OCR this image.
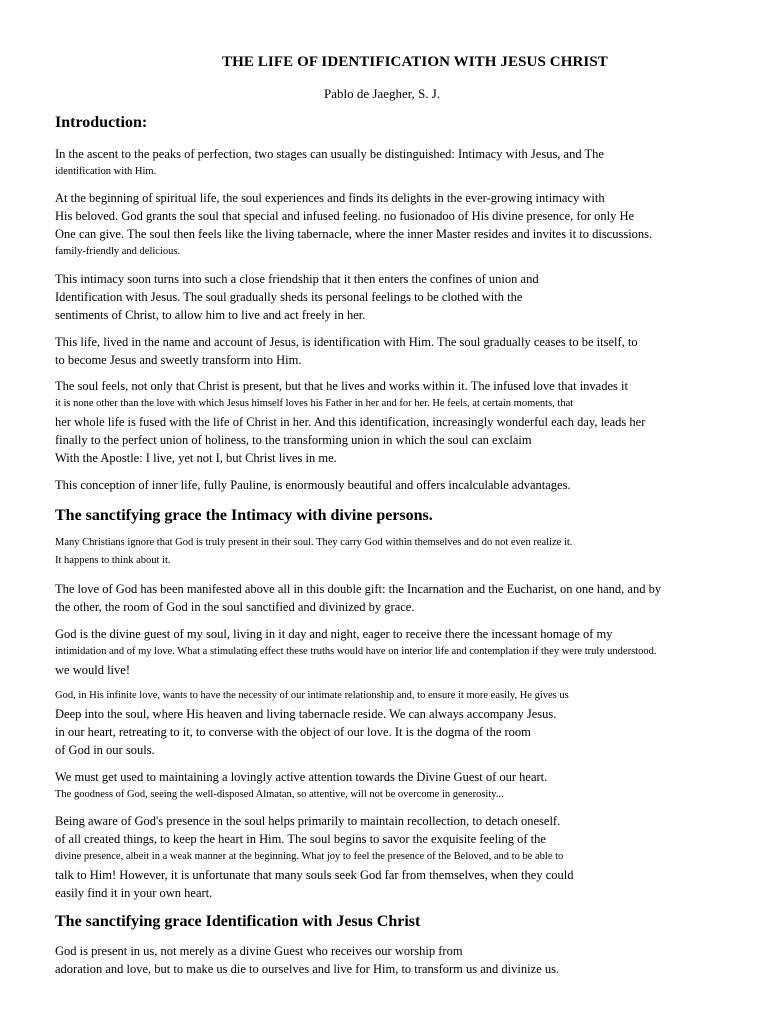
THE LIFE OF IDENTIFICATION WITH JESUS CHRIST
Pablo de Jaegher, S. J.
Introduction:
In the ascent to the peaks of perfection, two stages can usually be distinguished: Intimacy with Jesus, and The
identification with Him.
At the beginning of spiritual life, the soul experiences and finds its delights in the ever-growing intimacy with
His beloved. God grants the soul that special and infused feeling. no fusionadoo of His divine presence, for only He
One can give. The soul then feels like the living tabernacle, where the inner Master resides and invites it to discussions.
family-friendly and delicious.
This intimacy soon turns into such a close friendship that it then enters the confines of union and
Identification with Jesus. The soul gradually sheds its personal feelings to be clothed with the
sentiments of Christ, to allow him to live and act freely in her.
This life, lived in the name and account of Jesus, is identification with Him. The soul gradually ceases to be itself, to
to become Jesus and sweetly transform into Him.
The soul feels, not only that Christ is present, but that he lives and works within it. The infused love that invades it
it is none other than the love with which Jesus himself loves his Father in her and for her. He feels, at certain moments, that
her whole life is fused with the life of Christ in her. And this identification, increasingly wonderful each day, leads her
finally to the perfect union of holiness, to the transforming union in which the soul can exclaim
With the Apostle: I live, yet not I, but Christ lives in me.
This conception of inner life, fully Pauline, is enormously beautiful and offers incalculable advantages.
The sanctifying grace the Intimacy with divine persons.
Many Christians ignore that God is truly present in their soul. They carry God within themselves and do not even realize it.
It happens to think about it.
The love of God has been manifested above all in this double gift: the Incarnation and the Eucharist, on one hand, and by
the other, the room of God in the soul sanctified and divinized by grace.
God is the divine guest of my soul, living in it day and night, eager to receive there the incessant homage of my
intimidation and of my love. What a stimulating effect these truths would have on interior life and contemplation if they were truly understood.
we would live!
God, in His infinite love, wants to have the necessity of our intimate relationship and, to ensure it more easily, He gives us
Deep into the soul, where His heaven and living tabernacle reside. We can always accompany Jesus.
in our heart, retreating to it, to converse with the object of our love. It is the dogma of the room
of God in our souls.
We must get used to maintaining a lovingly active attention towards the Divine Guest of our heart.
The goodness of God, seeing the well-disposed Almatan, so attentive, will not be overcome in generosity...
Being aware of God's presence in the soul helps primarily to maintain recollection, to detach oneself.
of all created things, to keep the heart in Him. The soul begins to savor the exquisite feeling of the
divine presence, albeit in a weak manner at the beginning. What joy to feel the presence of the Beloved, and to be able to
talk to Him! However, it is unfortunate that many souls seek God far from themselves, when they could
easily find it in your own heart.
The sanctifying grace Identification with Jesus Christ
God is present in us, not merely as a divine Guest who receives our worship from
adoration and love, but to make us die to ourselves and live for Him, to transform us and divinize us.
